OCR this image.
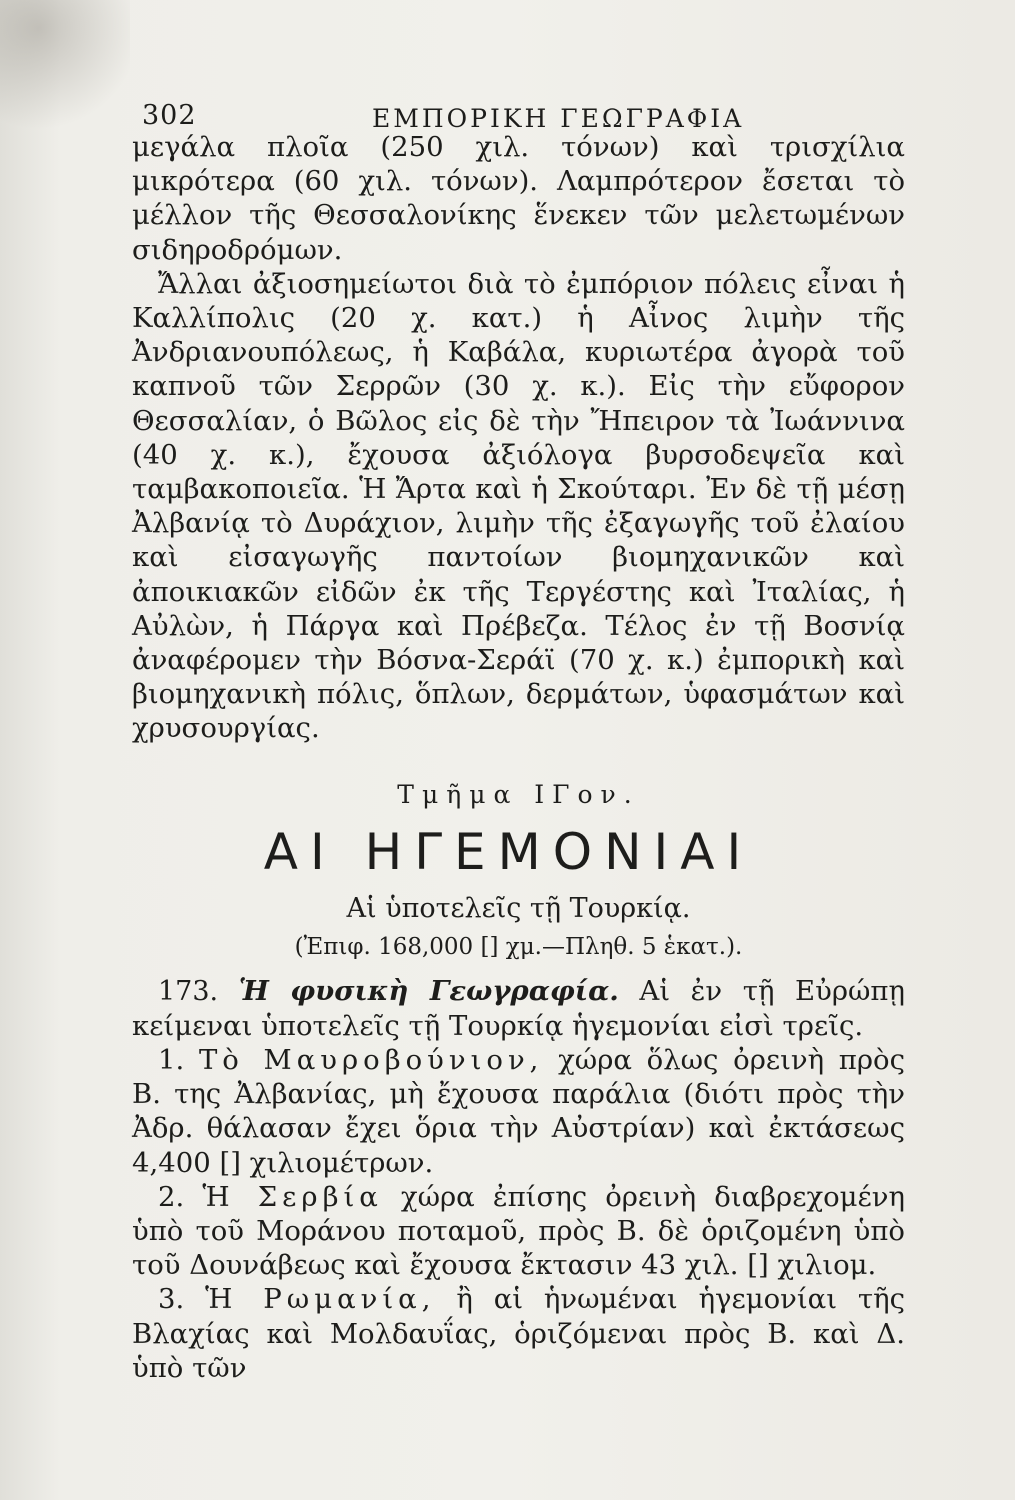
302	ΕΜΠΟΡΙΚΗ ΓΕΩΓΡΑΦΙΑ

μεγάλα πλοῖα (250 χιλ. τόνων) καὶ τρισχίλια μικρότερα (60 χιλ. τόνων). Λαμπρότερον ἔσεται τὸ μέλλον τῆς Θεσσαλονίκης ἕνεκεν τῶν μελετωμένων σιδηροδρόμων.

Ἄλλαι ἀξιοσημείωτοι διὰ τὸ ἐμπόριον πόλεις εἶναι ἡ Καλλίπολις (20 χ. κατ.) ἡ Αἶνος λιμὴν τῆς Ἀνδριανουπόλεως, ἡ Καβάλα, κυριωτέρα ἀγορὰ τοῦ καπνοῦ τῶν Σερρῶν (30 χ. κ.). Εἰς τὴν εὔφορον Θεσσαλίαν, ὁ Βῶλος εἰς δὲ τὴν Ἤπειρον τὰ Ἰωάννινα (40 χ. κ.), ἔχουσα ἀξιόλογα βυρσοδεψεῖα καὶ ταμβακοποιεῖα. Ἡ Ἄρτα καὶ ἡ Σκούταρι. Ἐν δὲ τῇ μέσῃ Ἀλβανίᾳ τὸ Δυράχιον, λιμὴν τῆς ἐξαγωγῆς τοῦ ἐλαίου καὶ εἰσαγωγῆς παντοίων βιομηχανικῶν καὶ ἀποικιακῶν εἰδῶν ἐκ τῆς Τεργέστης καὶ Ἰταλίας, ἡ Αὐλὼν, ἡ Πάργα καὶ Πρέβεζα. Τέλος ἐν τῇ Βοσνίᾳ ἀναφέρομεν τὴν Βόσνα-Σεράϊ (70 χ. κ.) ἐμπορικὴ καὶ βιομηχανικὴ πόλις, ὅπλων, δερμάτων, ὑφασμάτων καὶ χρυσουργίας.

Τμῆμα IΓον.
ΑΙ ΗΓΕΜΟΝΙΑΙ
Αἱ ὑποτελεῖς τῇ Τουρκίᾳ.
(Ἐπιφ. 168,000 [] χμ.—Πληθ. 5 ἑκατ.).

173. Ἡ φυσικὴ Γεωγραφία. Αἱ ἐν τῇ Εὐρώπῃ κείμεναι ὑποτελεῖς τῇ Τουρκίᾳ ἡγεμονίαι εἰσὶ τρεῖς.

1. Τὸ Μαυροβούνιον, χώρα ὅλως ὀρεινὴ πρὸς Β. της Ἀλβανίας, μὴ ἔχουσα παράλια (διότι πρὸς τὴν Ἀδρ. θάλασαν ἔχει ὅρια τὴν Αὐστρίαν) καὶ ἐκτάσεως 4,400 [] χιλιομέτρων.

2. Ἡ Σερβία χώρα ἐπίσης ὀρεινὴ διαβρεχομένη ὑπὸ τοῦ Μοράνου ποταμοῦ, πρὸς Β. δὲ ὁριζομένη ὑπὸ τοῦ Δουνάβεως καὶ ἔχουσα ἔκτασιν 43 χιλ. [] χιλιομ.

3. Ἡ Ρωμανία, ἢ αἱ ἡνωμέναι ἡγεμονίαι τῆς Βλαχίας καὶ Μολδαυΐας, ὁριζόμεναι πρὸς Β. καὶ Δ. ὑπὸ τῶν
